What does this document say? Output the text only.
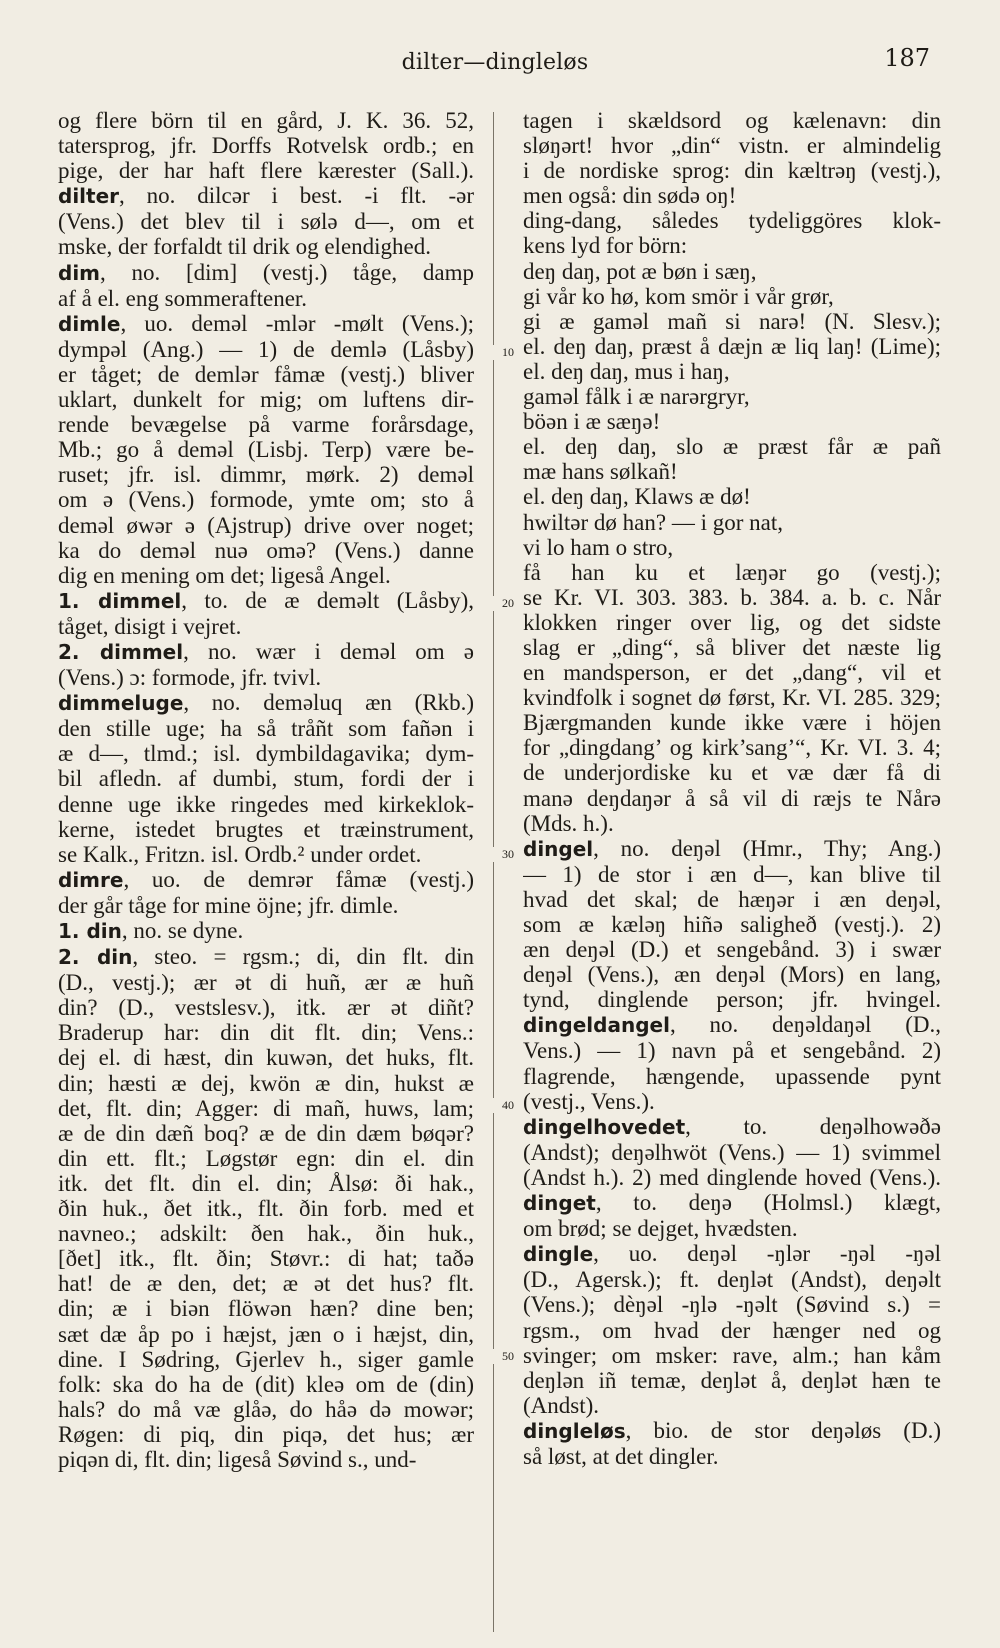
dilter—dinglеløs	187
10
20
30
40
50
og flere börn til en gård, J. K. 36. 52,
tatersprog, jfr. Dorffs Rotvelsk ordb.; en
pige, der har haft flere kærester (Sall.).
dilter, no. dilcər i best. -i flt. -ər
(Vens.) det blev til i sølə d—, om et
mske, der forfaldt til drik og elendighed.
dim, no. [dim] (vestj.) tåge, damp
af å el. eng sommeraftener.
dimle, uo. deməl -mlər -mølt (Vens.);
dympəl (Ang.) — 1) de demlə (Låsby)
er tåget; de demlər fåmæ (vestj.) bliver
uklart, dunkelt for mig; om luftens dir-
rende bevægelse på varme forårsdage,
Mb.; go å deməl (Lisbj. Terp) være be-
ruset; jfr. isl. dimmr, mørk. 2) deməl
om ə (Vens.) formode, ymte om; sto å
deməl øwər ə (Ajstrup) drive over noget;
ka do deməl nuə omə? (Vens.) danne
dig en mening om det; ligeså Angel.
1. dimmel, to. de æ deməlt (Låsby),
tåget, disigt i vejret.
2. dimmel, no. wær i deməl om ə
(Vens.) ɔ: formode, jfr. tvivl.
dimmeluge, no. deməluq æn (Rkb.)
den stille uge; ha så tråñt som fañən i
æ d—, tlmd.; isl. dymbildagavika; dym-
bil afledn. af dumbi, stum, fordi der i
denne uge ikke ringedes med kirkeklok-
kerne, istedet brugtes et træinstrument,
se Kalk., Fritzn. isl. Ordb.² under ordet.
dimre, uo. de demrər fåmæ (vestj.)
der går tåge for mine öjne; jfr. dimle.
1. din, no. se dyne.
2. din, steo. = rgsm.; di, din flt. din
(D., vestj.); ær ət di huñ, ær æ huñ
din? (D., vestslesv.), itk. ær ət diñt?
Braderup har: din dit flt. din; Vens.:
dej el. di hæst, din kuwən, det huks, flt.
din; hæsti æ dej, kwön æ din, hukst æ
det, flt. din; Agger: di mañ, huws, lam;
æ de din dæñ boq? æ de din dæm bøqər?
din ett. flt.; Løgstør egn: din el. din
itk. det flt. din el. din; Ålsø: ði hak.,
ðin huk., ðet itk., flt. ðin forb. med et
navneo.; adskilt: ðen hak., ðin huk.,
[ðet] itk., flt. ðin; Støvr.: di hat; taðə
hat! de æ den, det; æ ət det hus? flt.
din; æ i biən flöwən hæn? dine ben;
sæt dæ åp po i hæjst, jæn o i hæjst, din,
dine. I Sødring, Gjerlev h., siger gamle
folk: ska do ha de (dit) kleə om de (din)
hals? do må væ glåə, do håə də mowər;
Røgen: di piq, din piqə, det hus; ær
piqən di, flt. din; ligeså Søvind s., und-
tagen i skældsord og kælenavn: din
sløŋərt! hvor „din“ vistn. er almindelig
i de nordiske sprog: din kæltrəŋ (vestj.),
men også: din sødə oŋ!
ding-dang, således tydeliggöres klok-
kens lyd for börn:
deŋ daŋ, pot æ bøn i sæŋ,
gi vår ko hø, kom smör i vår grør,
gi æ gaməl mañ si narə! (N. Slesv.);
el. deŋ daŋ, præst å dæjn æ liq laŋ! (Lime);
el. deŋ daŋ, mus i haŋ,
gaməl fålk i æ narərgryr,
böən i æ sæŋə!
el. deŋ daŋ, slo æ præst får æ pañ
mæ hans sølkañ!
el. deŋ daŋ, Klaws æ dø!
hwiltər dø han? — i gor nat,
vi lo ham o stro,
få han ku et læŋər go (vestj.);
se Kr. VI. 303. 383. b. 384. a. b. c. Når
klokken ringer over lig, og det sidste
slag er „ding“, så bliver det næste lig
en mandsperson, er det „dang“, vil et
kvindfolk i sognet dø først, Kr. VI. 285. 329;
Bjærgmanden kunde ikke være i höjen
for „dingdang’ og kirk’sang’“, Kr. VI. 3. 4;
de underjordiske ku et væ dær få di
manə deŋdaŋər å så vil di ræjs te Nårə
(Mds. h.).
dingel, no. deŋəl (Hmr., Thy; Ang.)
— 1) de stor i æn d—, kan blive til
hvad det skal; de hæŋər i æn deŋəl,
som æ kæləŋ hiñə saligheð (vestj.). 2)
æn deŋəl (D.) et sengebånd. 3) i swær
deŋəl (Vens.), æn deŋəl (Mors) en lang,
tynd, dinglende person; jfr. hvingel.
dingeldangel, no. deŋəldaŋəl (D.,
Vens.) — 1) navn på et sengebånd. 2)
flagrende, hængende, upassende pynt
(vestj., Vens.).
dingelhovedet, to. deŋəlhowəðə
(Andst); deŋəlhwöt (Vens.) — 1) svimmel
(Andst h.). 2) med dinglende hoved (Vens.).
dinget, to. deŋə (Holmsl.) klægt,
om brød; se dejget, hvædsten.
dingle, uo. deŋəl -ŋlər -ŋəl -ŋəl
(D., Agersk.); ft. deŋlət (Andst), deŋəlt
(Vens.); dèŋəl -ŋlə -ŋəlt (Søvind s.) =
rgsm., om hvad der hænger ned og
svinger; om msker: rave, alm.; han kåm
deŋlən iñ temæ, deŋlət å, deŋlət hæn te
(Andst).
dingleløs, bio. de stor deŋəløs (D.)
så løst, at det dingler.
